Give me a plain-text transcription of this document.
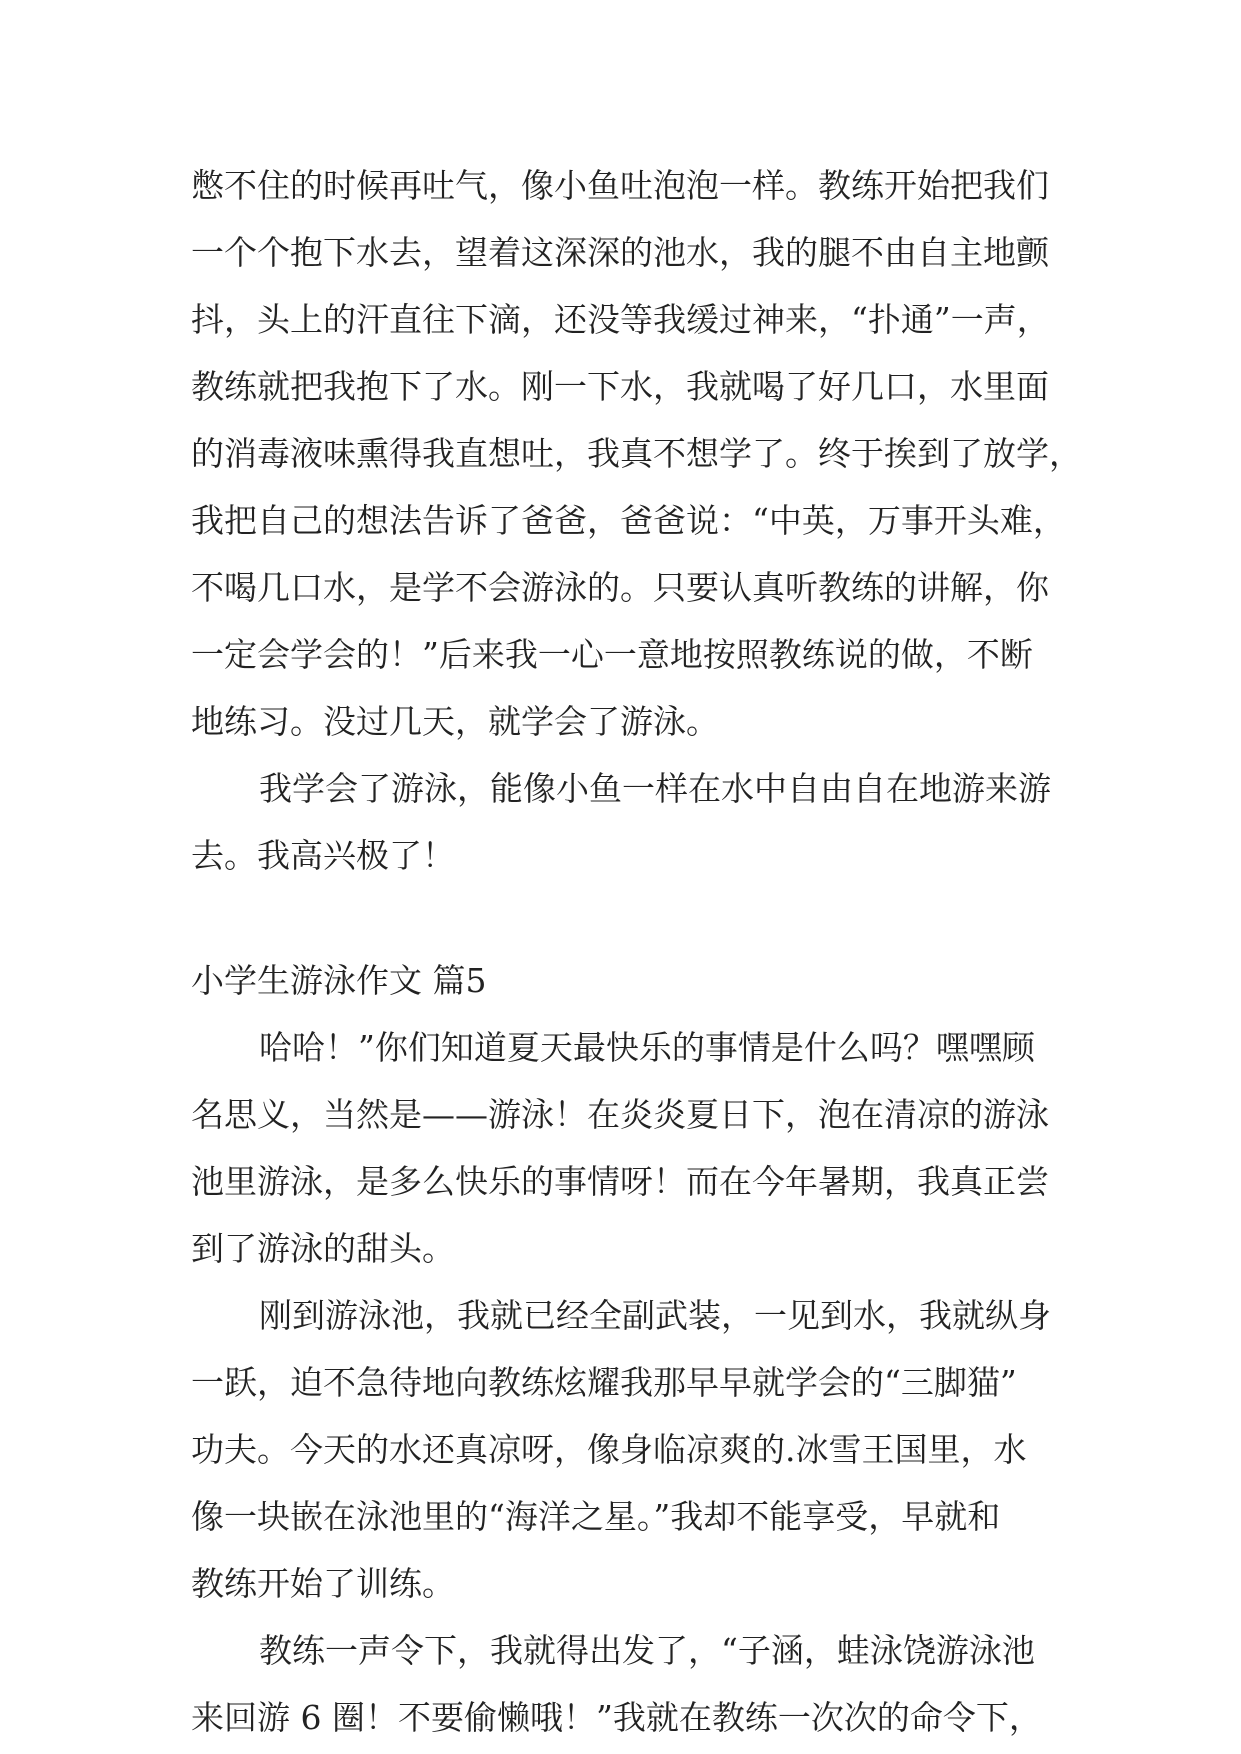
憋不住的时候再吐气，像小鱼吐泡泡一样。教练开始把我们
一个个抱下水去，望着这深深的池水，我的腿不由自主地颤
抖，头上的汗直往下滴，还没等我缓过神来，“扑通”一声，
教练就把我抱下了水。刚一下水，我就喝了好几口，水里面
的消毒液味熏得我直想吐，我真不想学了。终于挨到了放学，
我把自己的想法告诉了爸爸，爸爸说：“中英，万事开头难，
不喝几口水，是学不会游泳的。只要认真听教练的讲解，你
一定会学会的！”后来我一心一意地按照教练说的做，不断
地练习。没过几天，就学会了游泳。
我学会了游泳，能像小鱼一样在水中自由自在地游来游
去。我高兴极了！
小学生游泳作文 篇5
哈哈！”你们知道夏天最快乐的事情是什么吗？嘿嘿顾
名思义，当然是——游泳！在炎炎夏日下，泡在清凉的游泳
池里游泳，是多么快乐的事情呀！而在今年暑期，我真正尝
到了游泳的甜头。
刚到游泳池，我就已经全副武装，一见到水，我就纵身
一跃，迫不急待地向教练炫耀我那早早就学会的“三脚猫”
功夫。今天的水还真凉呀，像身临凉爽的.冰雪王国里，水
像一块嵌在泳池里的“海洋之星。”我却不能享受，早就和
教练开始了训练。
教练一声令下，我就得出发了，“子涵，蛙泳饶游泳池
来回游 6 圈！不要偷懒哦！”我就在教练一次次的命令下，
